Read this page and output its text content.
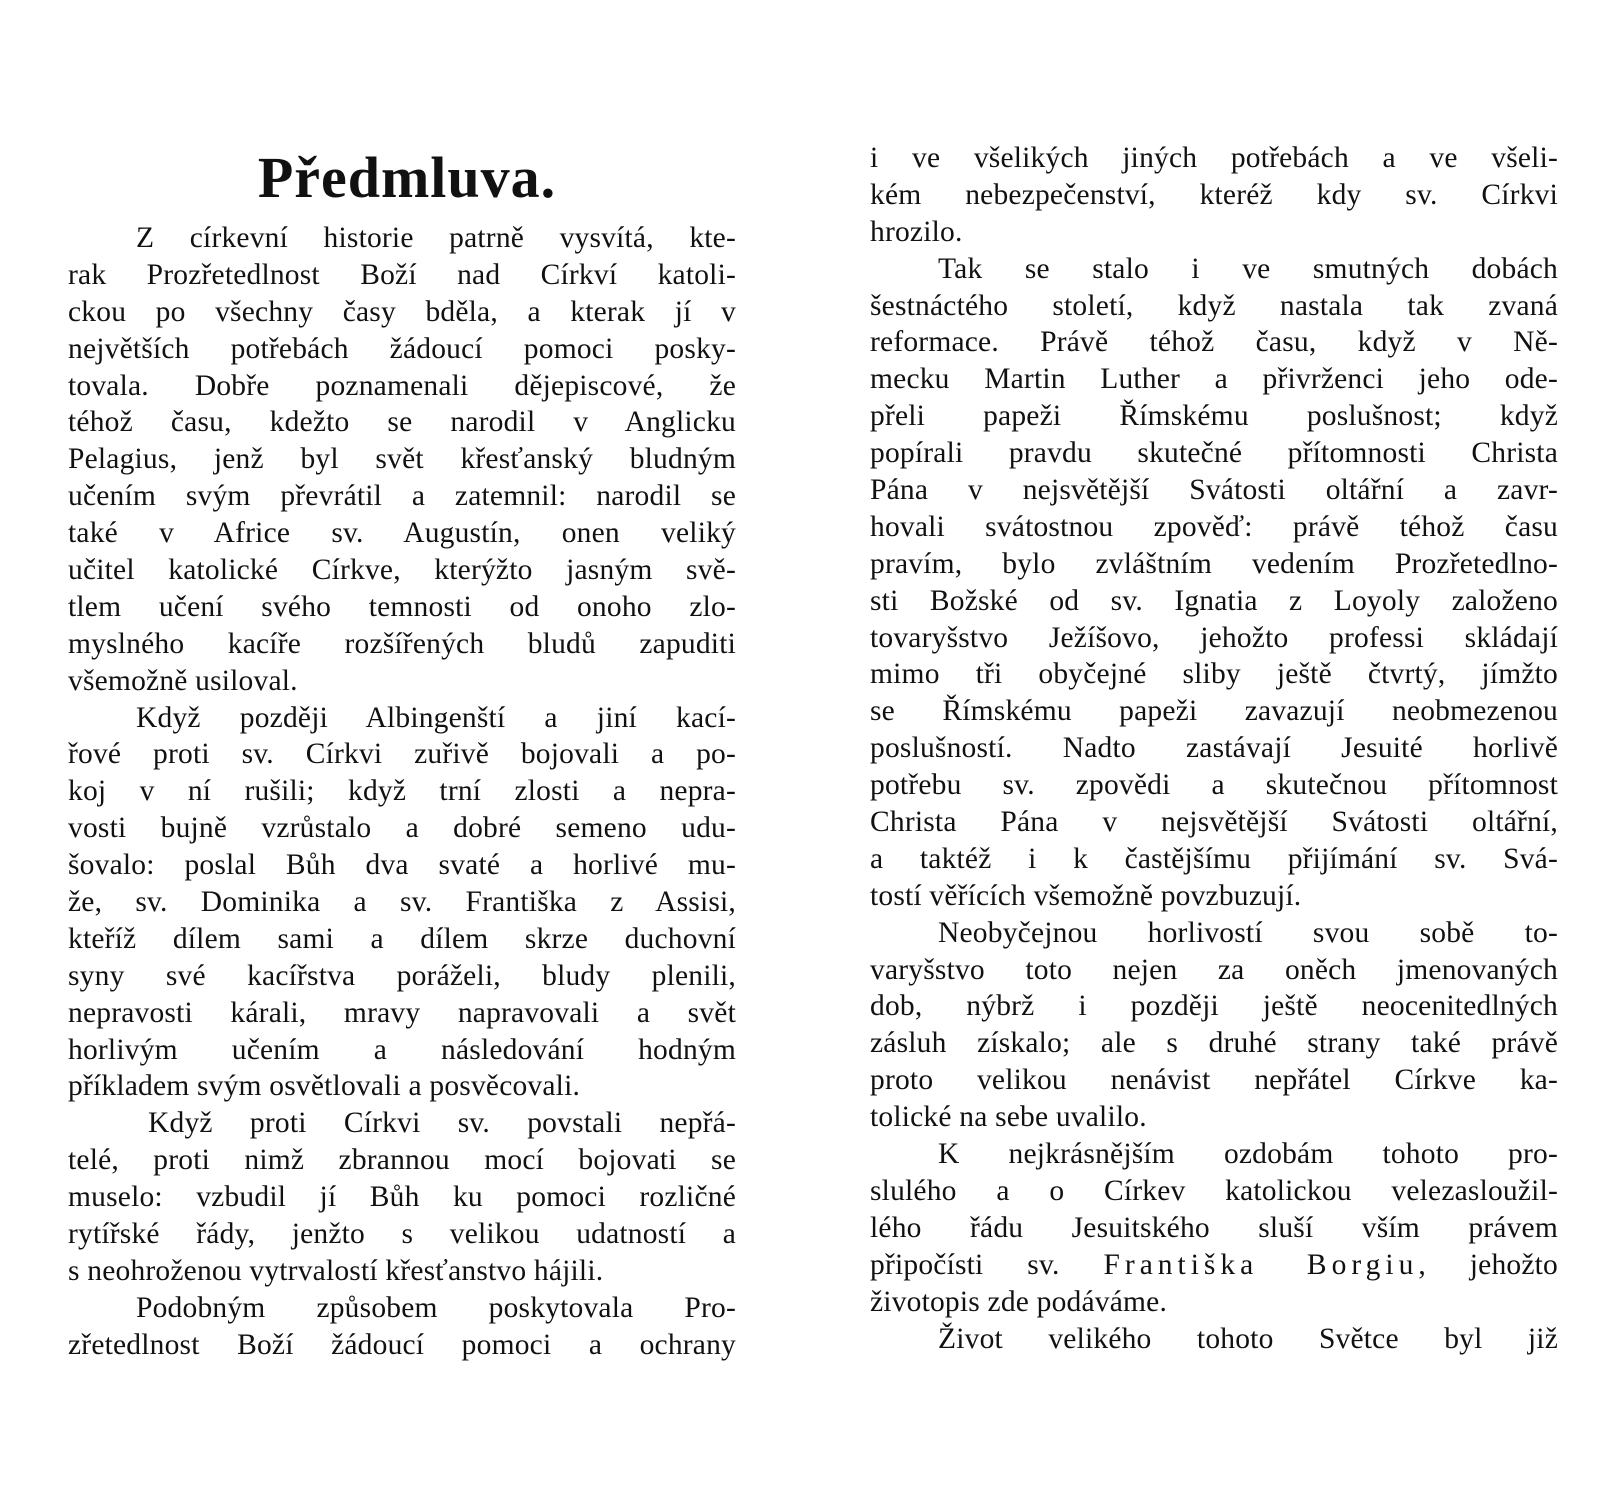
Předmluva.
Z církevní historie patrně vysvítá, kte-
rak Prozřetedlnost Boží nad Církví katoli-
ckou po všechny časy bděla, a kterak jí v
největších potřebách žádoucí pomoci posky-
tovala. Dobře poznamenali dějepiscové, že
téhož času, kdežto se narodil v Anglicku
Pelagius, jenž byl svět křesťanský bludným
učením svým převrátil a zatemnil: narodil se
také v Africe sv. Augustín, onen veliký
učitel katolické Církve, kterýžto jasným svě-
tlem učení svého temnosti od onoho zlo-
myslného kacíře rozšířených bludů zapuditi
všemožně usiloval.
Když později Albingenští a jiní kací-
řové proti sv. Církvi zuřivě bojovali a po-
koj v ní rušili; když trní zlosti a nepra-
vosti bujně vzrůstalo a dobré semeno udu-
šovalo: poslal Bůh dva svaté a horlivé mu-
že, sv. Dominika a sv. Františka z Assisi,
kteříž dílem sami a dílem skrze duchovní
syny své kacířstva poráželi, bludy plenili,
nepravosti kárali, mravy napravovali a svět
horlivým učením a následování hodným
příkladem svým osvětlovali a posvěcovali.
Když proti Církvi sv. povstali nepřá-
telé, proti nimž zbrannou mocí bojovati se
muselo: vzbudil jí Bůh ku pomoci rozličné
rytířské řády, jenžto s velikou udatností a
s neohroženou vytrvalostí křesťanstvo hájili.
Podobným způsobem poskytovala Pro-
zřetedlnost Boží žádoucí pomoci a ochrany
i ve všelikých jiných potřebách a ve všeli-
kém nebezpečenství, kteréž kdy sv. Církvi
hrozilo.
Tak se stalo i ve smutných dobách
šestnáctého století, když nastala tak zvaná
reformace. Právě téhož času, když v Ně-
mecku Martin Luther a přivrženci jeho ode-
přeli papeži Římskému poslušnost; když
popírali pravdu skutečné přítomnosti Christa
Pána v nejsvětější Svátosti oltářní a zavr-
hovali svátostnou zpověď: právě téhož času
pravím, bylo zvláštním vedením Prozřetedlno-
sti Božské od sv. Ignatia z Loyoly založeno
tovaryšstvo Ježíšovo, jehožto professi skládají
mimo tři obyčejné sliby ještě čtvrtý, jímžto
se Římskému papeži zavazují neobmezenou
poslušností. Nadto zastávají Jesuité horlivě
potřebu sv. zpovědi a skutečnou přítomnost
Christa Pána v nejsvětější Svátosti oltářní,
a taktéž i k častějšímu přijímání sv. Svá-
tostí věřících všemožně povzbuzují.
Neobyčejnou horlivostí svou sobě to-
varyšstvo toto nejen za oněch jmenovaných
dob, nýbrž i později ještě neocenitedlných
zásluh získalo; ale s druhé strany také právě
proto velikou nenávist nepřátel Církve ka-
tolické na sebe uvalilo.
K nejkrásnějším ozdobám tohoto pro-
slulého a o Církev katolickou velezasloužil-
lého řádu Jesuitského sluší vším právem
připočísti sv. Františka Borgiu, jehožto
životopis zde podáváme.
Život velikého tohoto Světce byl již
